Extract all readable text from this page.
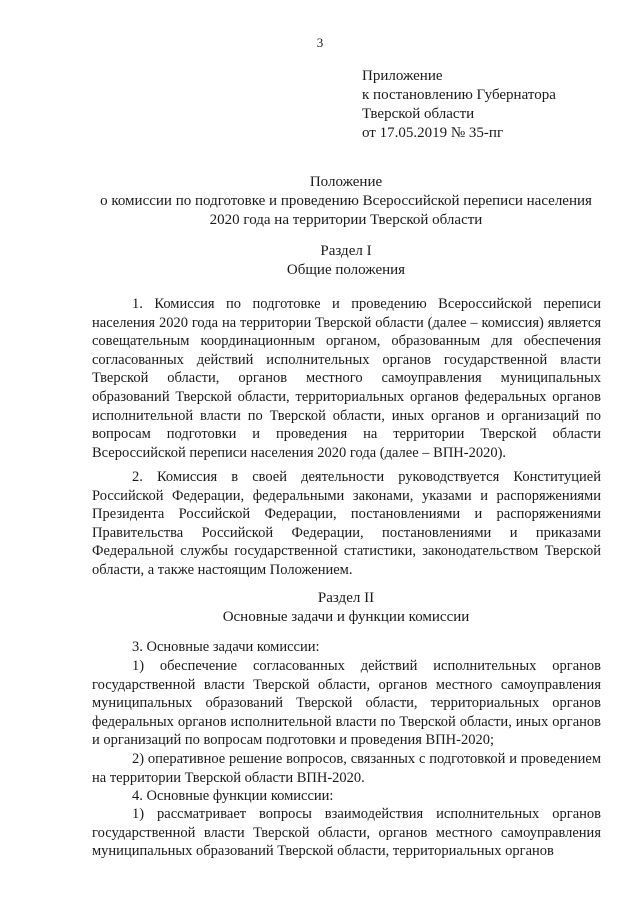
3
Приложение
к постановлению Губернатора
Тверской области
от 17.05.2019 № 35-пг
Положение
о комиссии по подготовке и проведению Всероссийской переписи населения
2020 года на территории Тверской области
Раздел I
Общие положения
1. Комиссия по подготовке и проведению Всероссийской переписи населения 2020 года на территории Тверской области (далее – комиссия) является совещательным координационным органом, образованным для обеспечения согласованных действий исполнительных органов государственной власти Тверской области, органов местного самоуправления муниципальных образований Тверской области, территориальных органов федеральных органов исполнительной власти по Тверской области, иных органов и организаций по вопросам подготовки и проведения на территории Тверской области Всероссийской переписи населения 2020 года (далее – ВПН-2020).
2. Комиссия в своей деятельности руководствуется Конституцией Российской Федерации, федеральными законами, указами и распоряжениями Президента Российской Федерации, постановлениями и распоряжениями Правительства Российской Федерации, постановлениями и приказами Федеральной службы государственной статистики, законодательством Тверской области, а также настоящим Положением.
Раздел II
Основные задачи и функции комиссии
3. Основные задачи комиссии:
1) обеспечение согласованных действий исполнительных органов государственной власти Тверской области, органов местного самоуправления муниципальных образований Тверской области, территориальных органов федеральных органов исполнительной власти по Тверской области, иных органов и организаций по вопросам подготовки и проведения ВПН-2020;
2) оперативное решение вопросов, связанных с подготовкой и проведением на территории Тверской области ВПН-2020.
4. Основные функции комиссии:
1) рассматривает вопросы взаимодействия исполнительных органов государственной власти Тверской области, органов местного самоуправления муниципальных образований Тверской области, территориальных органов
